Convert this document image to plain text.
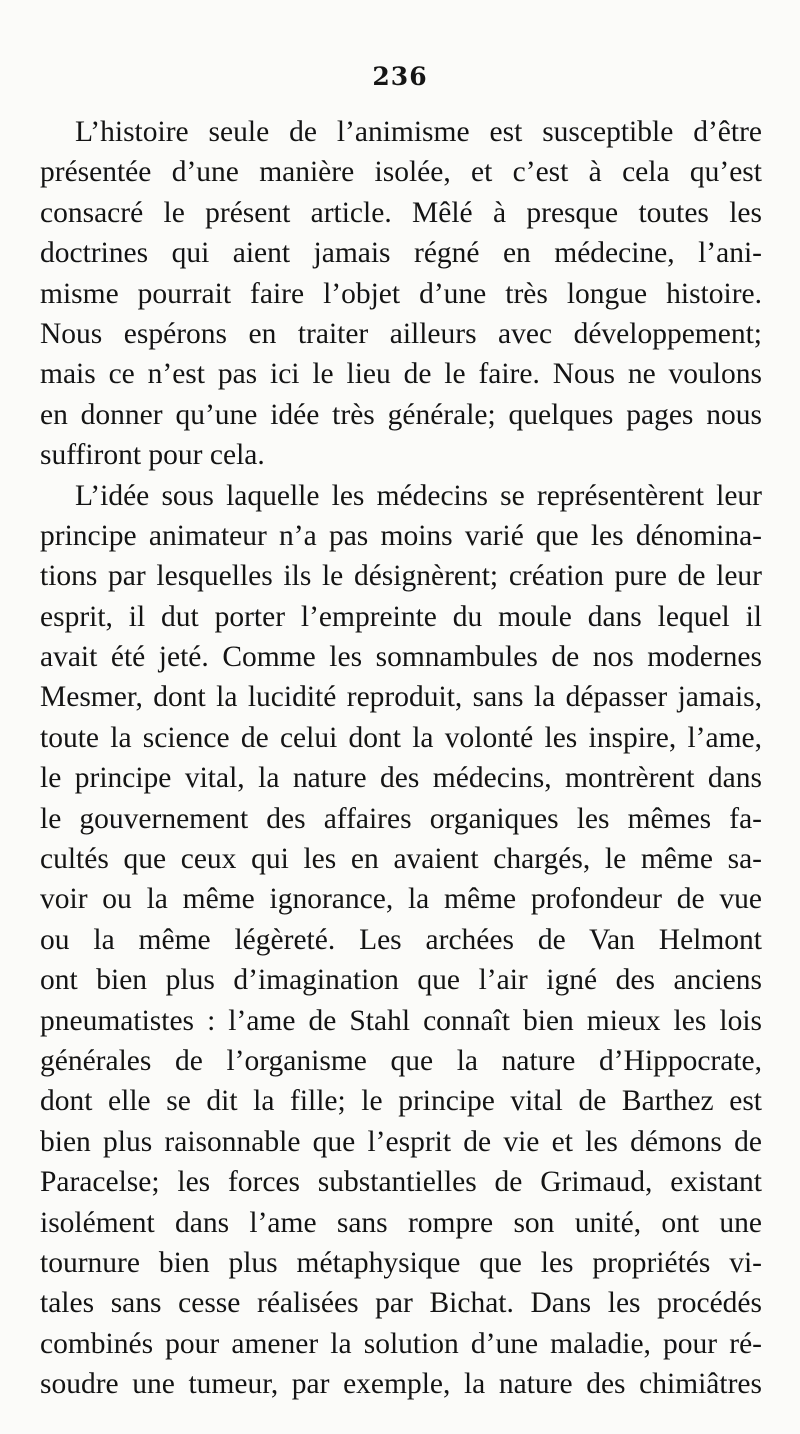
236
L’histoire seule de l’animisme est susceptible d’être
présentée d’une manière isolée, et c’est à cela qu’est
consacré le présent article. Mêlé à presque toutes les
doctrines qui aient jamais régné en médecine, l’ani-
misme pourrait faire l’objet d’une très longue histoire.
Nous espérons en traiter ailleurs avec développement;
mais ce n’est pas ici le lieu de le faire. Nous ne voulons
en donner qu’une idée très générale; quelques pages nous
suffiront pour cela.
L’idée sous laquelle les médecins se représentèrent leur
principe animateur n’a pas moins varié que les dénomina-
tions par lesquelles ils le désignèrent; création pure de leur
esprit, il dut porter l’empreinte du moule dans lequel il
avait été jeté. Comme les somnambules de nos modernes
Mesmer, dont la lucidité reproduit, sans la dépasser jamais,
toute la science de celui dont la volonté les inspire, l’ame,
le principe vital, la nature des médecins, montrèrent dans
le gouvernement des affaires organiques les mêmes fa-
cultés que ceux qui les en avaient chargés, le même sa-
voir ou la même ignorance, la même profondeur de vue
ou la même légèreté. Les archées de Van Helmont
ont bien plus d’imagination que l’air igné des anciens
pneumatistes : l’ame de Stahl connaît bien mieux les lois
générales de l’organisme que la nature d’Hippocrate,
dont elle se dit la fille; le principe vital de Barthez est
bien plus raisonnable que l’esprit de vie et les démons de
Paracelse; les forces substantielles de Grimaud, existant
isolément dans l’ame sans rompre son unité, ont une
tournure bien plus métaphysique que les propriétés vi-
tales sans cesse réalisées par Bichat. Dans les procédés
combinés pour amener la solution d’une maladie, pour ré-
soudre une tumeur, par exemple, la nature des chimiâtres
